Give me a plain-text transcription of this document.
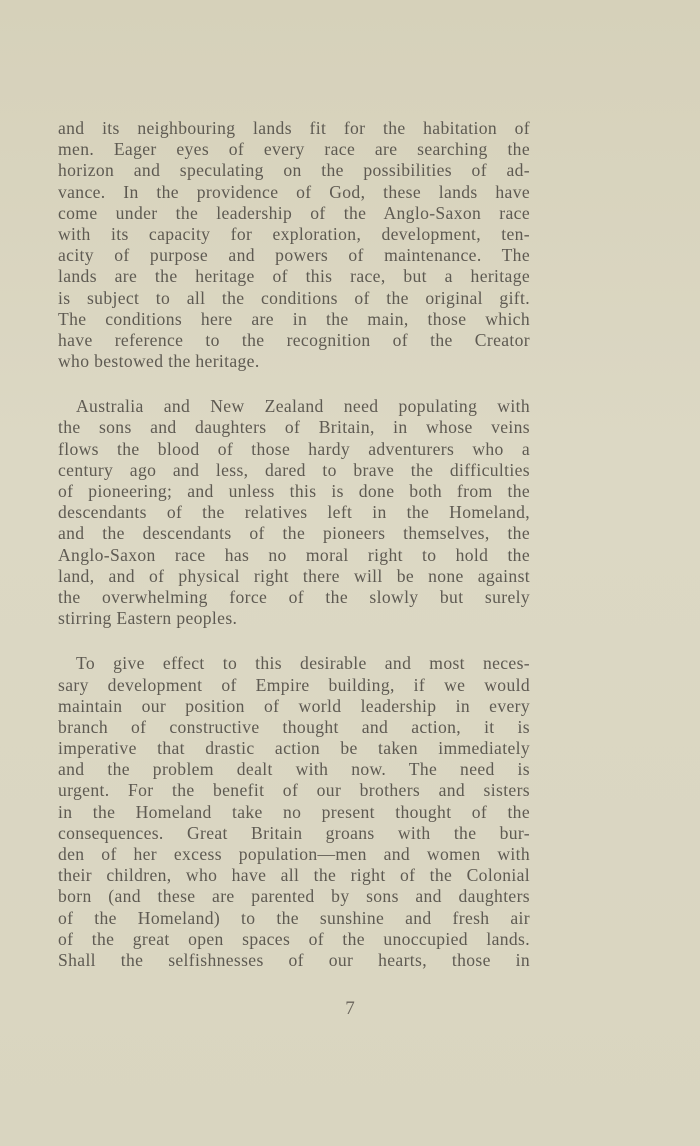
and its neighbouring lands fit for the habitation of
men. Eager eyes of every race are searching the
horizon and speculating on the possibilities of ad-
vance. In the providence of God, these lands have
come under the leadership of the Anglo-Saxon race
with its capacity for exploration, development, ten-
acity of purpose and powers of maintenance. The
lands are the heritage of this race, but a heritage
is subject to all the conditions of the original gift.
The conditions here are in the main, those which
have reference to the recognition of the Creator
who bestowed the heritage.
Australia and New Zealand need populating with
the sons and daughters of Britain, in whose veins
flows the blood of those hardy adventurers who a
century ago and less, dared to brave the difficulties
of pioneering; and unless this is done both from the
descendants of the relatives left in the Homeland,
and the descendants of the pioneers themselves, the
Anglo-Saxon race has no moral right to hold the
land, and of physical right there will be none against
the overwhelming force of the slowly but surely
stirring Eastern peoples.
To give effect to this desirable and most neces-
sary development of Empire building, if we would
maintain our position of world leadership in every
branch of constructive thought and action, it is
imperative that drastic action be taken immediately
and the problem dealt with now. The need is
urgent. For the benefit of our brothers and sisters
in the Homeland take no present thought of the
consequences. Great Britain groans with the bur-
den of her excess population—men and women with
their children, who have all the right of the Colonial
born (and these are parented by sons and daughters
of the Homeland) to the sunshine and fresh air
of the great open spaces of the unoccupied lands.
Shall the selfishnesses of our hearts, those in
7
